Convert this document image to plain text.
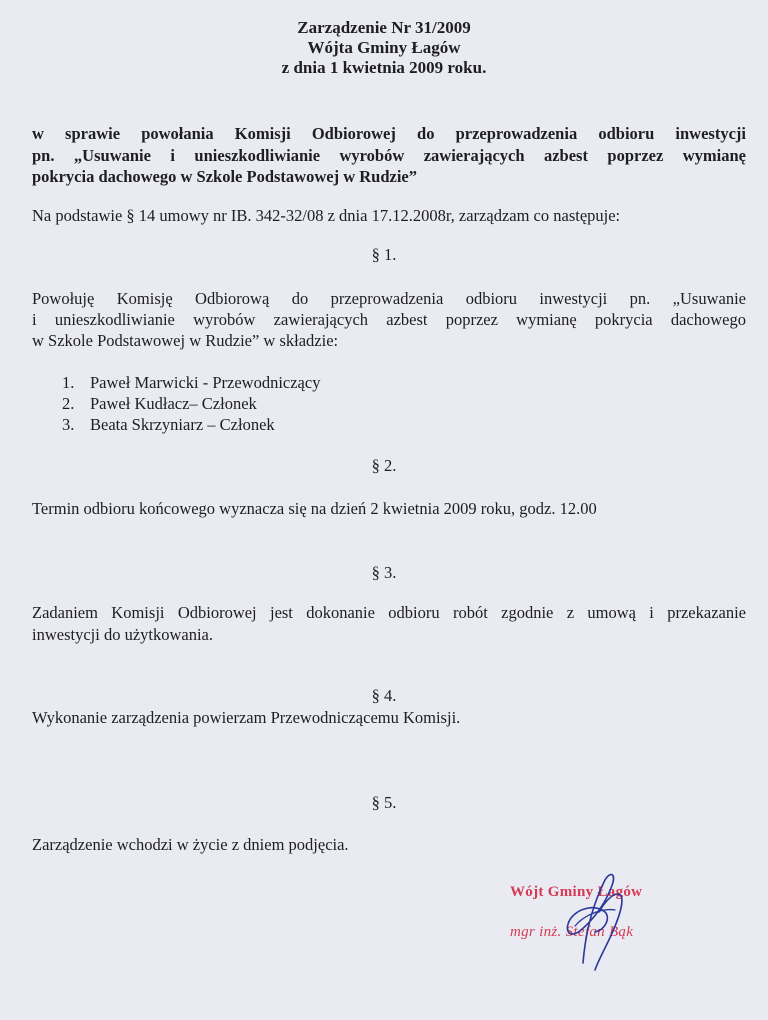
Zarządzenie Nr 31/2009
Wójta Gminy Łagów
z dnia 1 kwietnia 2009 roku.
w sprawie powołania Komisji Odbiorowej do przeprowadzenia odbioru inwestycji
pn. „Usuwanie i unieszkodliwianie wyrobów zawierających azbest poprzez wymianę
pokrycia dachowego w Szkole Podstawowej w Rudzie”
Na podstawie § 14 umowy nr IB. 342-32/08 z dnia 17.12.2008r, zarządzam co następuje:
§ 1.
Powołuję Komisję Odbiorową do przeprowadzenia odbioru inwestycji pn. „Usuwanie
i unieszkodliwianie wyrobów zawierających azbest poprzez wymianę pokrycia dachowego
w Szkole Podstawowej w Rudzie” w składzie:
1. Paweł Marwicki - Przewodniczący
2. Paweł Kudłacz– Członek
3. Beata Skrzyniarz – Członek
§ 2.
Termin odbioru końcowego wyznacza się na dzień 2 kwietnia 2009 roku, godz. 12.00
§ 3.
Zadaniem Komisji Odbiorowej jest dokonanie odbioru robót zgodnie z umową i przekazanie
inwestycji do użytkowania.
§ 4.
Wykonanie zarządzenia powierzam Przewodniczącemu Komisji.
§ 5.
Zarządzenie wchodzi w życie z dniem podjęcia.
Wójt Gminy Łagów
mgr inż. Stefan Bąk
